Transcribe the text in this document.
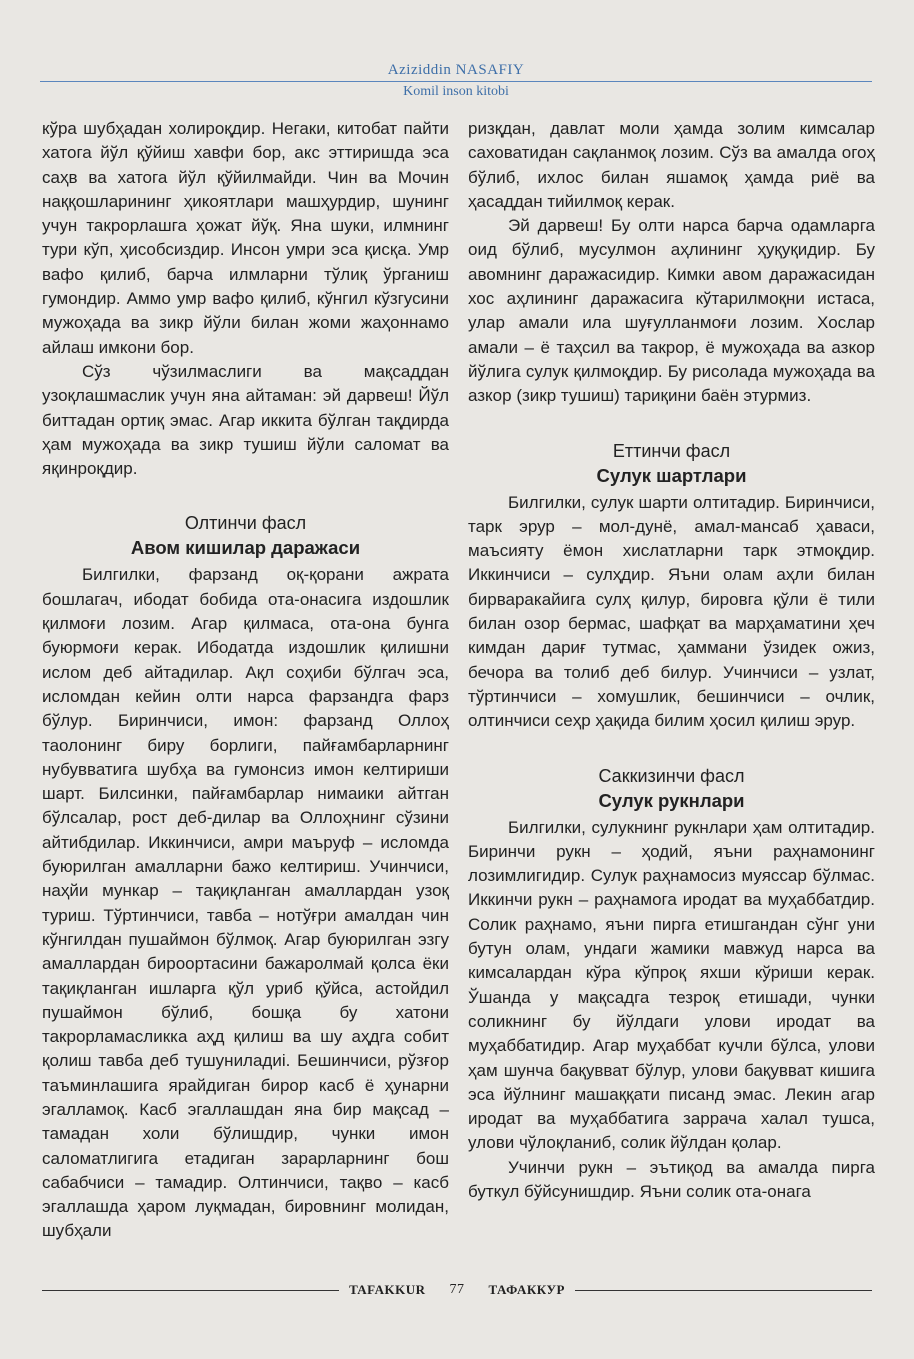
Aziziddin NASAFIY
Komil inson kitobi

кўра шубҳадан холироқдир. Негаки, китобат пайти хатога йўл қўйиш хавфи бор, акс эттиришда эса саҳв ва хатога йўл қўйилмайди. Чин ва Мочин наққошларининг ҳикоятлари машҳурдир, шунинг учун такрорлашга ҳожат йўқ. Яна шуки, илмнинг тури кўп, ҳисобсиздир. Инсон умри эса қисқа. Умр вафо қилиб, барча илмларни тўлиқ ўрганиш гумондир. Аммо умр вафо қилиб, кўнгил кўзгусини мужоҳада ва зикр йўли билан жоми жаҳоннамо айлаш имкони бор.

Сўз чўзилмаслиги ва мақсаддан узоқлашмаслик учун яна айтаман: эй дарвеш! Йўл биттадан ортиқ эмас. Агар иккита бўлган тақдирда ҳам мужоҳада ва зикр тушиш йўли саломат ва яқинроқдир.

Олтинчи фасл

Авом кишилар даражаси

Билгилки, фарзанд оқ-қорани ажрата бошлагач, ибодат бобида ота-онасига издошлик қилмоғи лозим. Агар қилмаса, ота-она бунга буюрмоғи керак. Ибодатда издошлик қилишни ислом деб айтадилар. Ақл соҳиби бўлгач эса, исломдан кейин олти нарса фарзандга фарз бўлур. Биринчиси, имон: фарзанд Оллоҳ таолонинг биру борлиги, пайғамбарларнинг нубувватига шубҳа ва гумонсиз имон келтириши шарт. Билсинки, пайғамбарлар нимаики айтган бўлсалар, рост деб-дилар ва Оллоҳнинг сўзини айтибдилар. Иккинчиси, амри маъруф – исломда буюрилган амалларни бажо келтириш. Учинчиси, наҳйи мункар – тақиқланган амаллардан узоқ туриш. Тўртинчиси, тавба – нотўғри амалдан чин кўнгилдан пушаймон бўлмоқ. Агар буюрилган эзгу амаллардан бироортасини бажаролмай қолса ёки тақиқланган ишларга қўл уриб қўйса, астойдил пушаймон бўлиб, бошқа бу хатони такрорламасликка аҳд қилиш ва шу аҳдга собит қолиш тавба деб тушуниладиi. Бешинчиси, рўзғор таъминлашига ярайдиган бирор касб ё ҳунарни эгалламоқ. Касб эгаллашдан яна бир мақсад – тамадан холи бўлишдир, чунки имон саломатлигига етадиган зарарларнинг бош сабабчиси – тамадир. Олтинчиси, тақво – касб эгаллашда ҳаром луқмадан, бировнинг молидан, шубҳали

ризқдан, давлат моли ҳамда золим кимсалар саховатидан сақланмоқ лозим. Сўз ва амалда огоҳ бўлиб, ихлос билан яшамоқ ҳамда риё ва ҳасаддан тийилмоқ керак.

Эй дарвеш! Бу олти нарса барча одамларга оид бўлиб, мусулмон аҳлининг ҳуқуқидир. Бу авомнинг даражасидир. Кимки авом даражасидан хос аҳлининг даражасига кўтарилмоқни истаса, улар амали ила шуғулланмоғи лозим. Хослар амали – ё таҳсил ва такрор, ё мужоҳада ва азкор йўлига сулук қилмоқдир. Бу рисолада мужоҳада ва азкор (зикр тушиш) тариқини баён этурмиз.

Еттинчи фасл

Сулук шартлари

Билгилки, сулук шарти олтитадир. Биринчиси, тарк эрур – мол-дунё, амал-мансаб ҳаваси, маъсияту ёмон хислатларни тарк этмоқдир. Иккинчиси – сулҳдир. Яъни олам аҳли билан бирваракайига сулҳ қилур, бировга қўли ё тили билан озор бермас, шафқат ва марҳаматини ҳеч кимдан дариғ тутмас, ҳаммани ўзидек ожиз, бечора ва толиб деб билур. Учинчиси – узлат, тўртинчиси – хомушлик, бешинчиси – очлик, олтинчиси сеҳр ҳақида билим ҳосил қилиш эрур.

Саккизинчи фасл

Сулук рукнлари

Билгилки, сулукнинг рукнлари ҳам олтитадир. Биринчи рукн – ҳодий, яъни раҳнамонинг лозимлигидир. Сулук раҳнамосиз муяссар бўлмас. Иккинчи рукн – раҳнамога иродат ва муҳаббатдир. Солик раҳнамо, яъни пирга етишгандан сўнг уни бутун олам, ундаги жамики мавжуд нарса ва кимсалардан кўра кўпроқ яхши кўриши керак. Ўшанда у мақсадга тезроқ етишади, чунки соликнинг бу йўлдаги улови иродат ва муҳаббатидир. Агар муҳаббат кучли бўлса, улови ҳам шунча бақувват бўлур, улови бақувват кишига эса йўлнинг машаққати писанд эмас. Лекин агар иродат ва муҳаббатига заррача халал тушса, улови чўлоқланиб, солик йўлдан қолар.

Учинчи рукн – эътиқод ва амалда пирга буткул бўйсунишдир. Яъни солик ота-онага

TAFAKKUR	77	ТАФАККУР
